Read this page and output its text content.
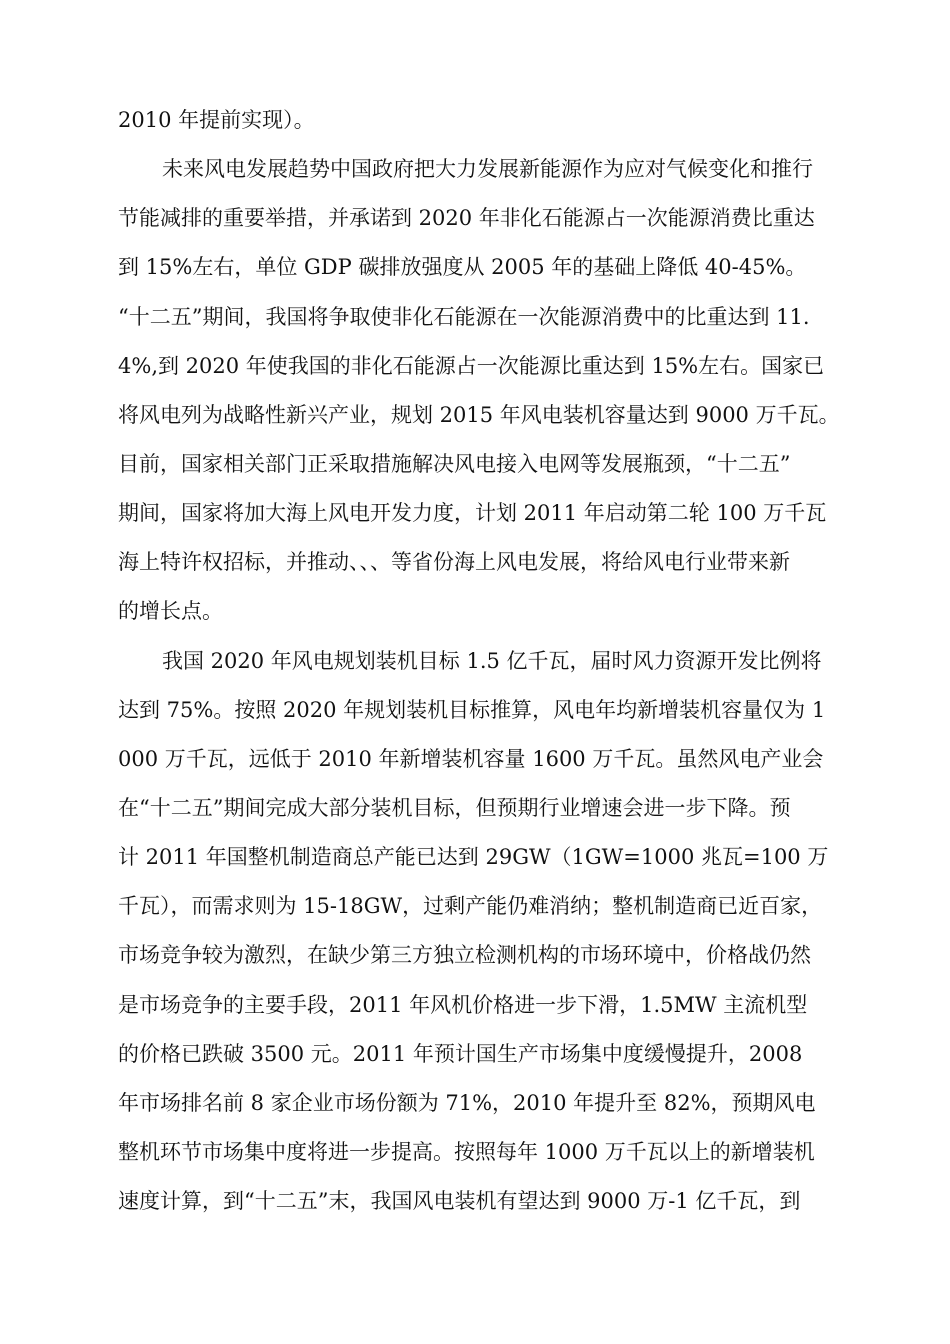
2010 年提前实现）。
未来风电发展趋势中国政府把大力发展新能源作为应对气候变化和推行
节能减排的重要举措，并承诺到 2020 年非化石能源占一次能源消费比重达
到 15%左右，单位 GDP 碳排放强度从 2005 年的基础上降低 40-45%。
“十二五”期间，我国将争取使非化石能源在一次能源消费中的比重达到 11.
4%,到 2020 年使我国的非化石能源占一次能源比重达到 15%左右。国家已
将风电列为战略性新兴产业，规划 2015 年风电装机容量达到 9000 万千瓦。
目前，国家相关部门正采取措施解决风电接入电网等发展瓶颈，“十二五”
期间，国家将加大海上风电开发力度，计划 2011 年启动第二轮 100 万千瓦
海上特许权招标，并推动、、、等省份海上风电发展，将给风电行业带来新
的增长点。
我国 2020 年风电规划装机目标 1.5 亿千瓦，届时风力资源开发比例将
达到 75%。按照 2020 年规划装机目标推算，风电年均新增装机容量仅为 1
000 万千瓦，远低于 2010 年新增装机容量 1600 万千瓦。虽然风电产业会
在“十二五”期间完成大部分装机目标，但预期行业增速会进一步下降。预
计 2011 年国整机制造商总产能已达到 29GW（1GW=1000 兆瓦=100 万
千瓦），而需求则为 15-18GW，过剩产能仍难消纳；整机制造商已近百家，
市场竞争较为激烈，在缺少第三方独立检测机构的市场环境中，价格战仍然
是市场竞争的主要手段，2011 年风机价格进一步下滑，1.5MW 主流机型
的价格已跌破 3500 元。2011 年预计国生产市场集中度缓慢提升，2008
年市场排名前 8 家企业市场份额为 71%，2010 年提升至 82%，预期风电
整机环节市场集中度将进一步提高。按照每年 1000 万千瓦以上的新增装机
速度计算，到“十二五”末，我国风电装机有望达到 9000 万-1 亿千瓦，到
